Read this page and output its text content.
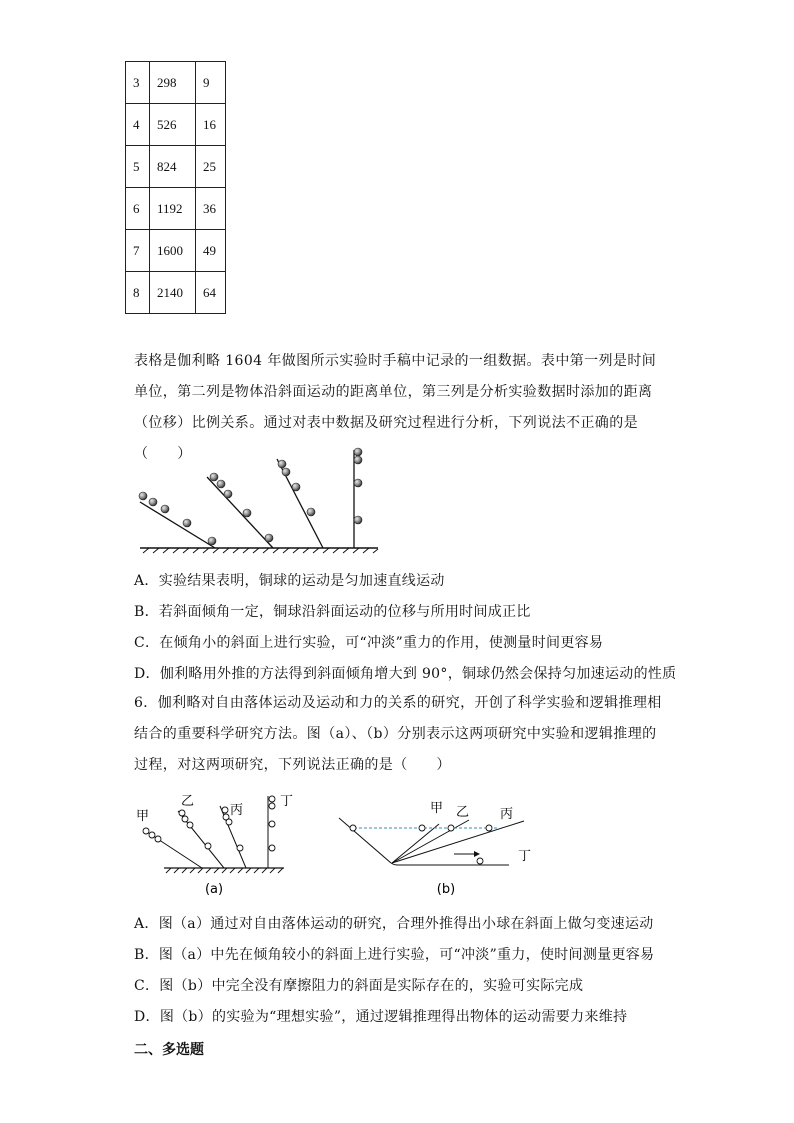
3	298	9
4	526	16
5	824	25
6	1192	36
7	1600	49
8	2140	64
表格是伽利略 1604 年做图所示实验时手稿中记录的一组数据。表中第一列是时间单位，第二列是物体沿斜面运动的距离单位，第三列是分析实验数据时添加的距离（位移）比例关系。通过对表中数据及研究过程进行分析，下列说法不正确的是（　　）
A．实验结果表明，铜球的运动是匀加速直线运动
B．若斜面倾角一定，铜球沿斜面运动的位移与所用时间成正比
C．在倾角小的斜面上进行实验，可“冲淡”重力的作用，使测量时间更容易
D．伽利略用外推的方法得到斜面倾角增大到 90°，铜球仍然会保持匀加速运动的性质
6．伽利略对自由落体运动及运动和力的关系的研究，开创了科学实验和逻辑推理相结合的重要科学研究方法。图（a）、（b）分别表示这两项研究中实验和逻辑推理的过程，对这两项研究，下列说法正确的是（　　）
甲
乙
丙
丁
(a)
甲 乙 丙
丁
(b)
A．图（a）通过对自由落体运动的研究，合理外推得出小球在斜面上做匀变速运动
B．图（a）中先在倾角较小的斜面上进行实验，可“冲淡”重力，使时间测量更容易
C．图（b）中完全没有摩擦阻力的斜面是实际存在的，实验可实际完成
D．图（b）的实验为“理想实验”，通过逻辑推理得出物体的运动需要力来维持
二、多选题
